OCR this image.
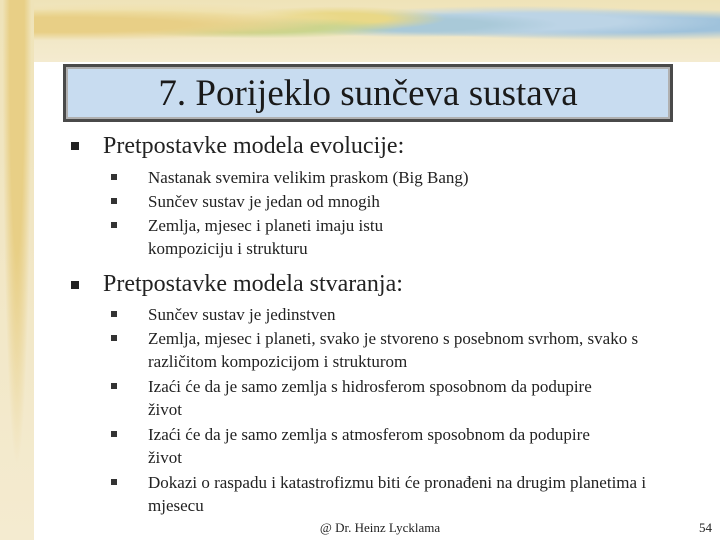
7. Porijeklo sunčeva sustava
Pretpostavke modela evolucije:
Nastanak svemira velikim praskom (Big Bang)
Sunčev sustav je jedan od mnogih
Zemlja, mjesec i planeti imaju istu kompoziciju i strukturu
Pretpostavke modela stvaranja:
Sunčev sustav je jedinstven
Zemlja, mjesec i planeti, svako je stvoreno s posebnom svrhom, svako s različitom kompozicijom i strukturom
Izaći će da je samo zemlja s hidrosferom sposobnom da podupire život
Izaći će da je samo zemlja s atmosferom sposobnom da podupire život
Dokazi o raspadu i katastrofizmu biti će pronađeni na drugim planetima i mjesecu
@ Dr. Heinz Lycklama	54
